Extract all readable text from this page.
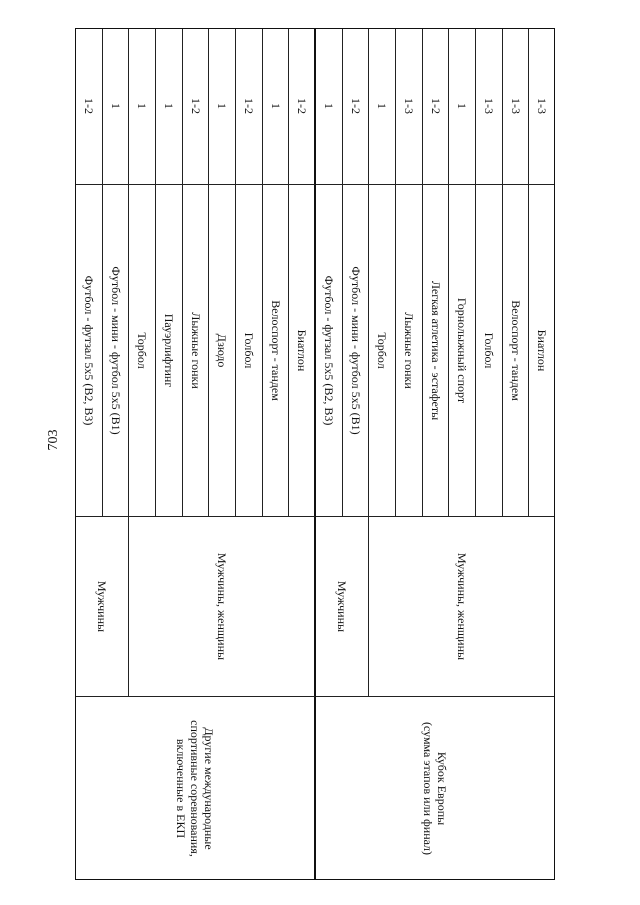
703
1-3
Биатлон
1-3
Велоспорт - тандем
1-3
Голбол
1
Горнолыжный спорт
1-2
Легкая атлетика - эстафеты
1-3
Лыжные гонки
1
Торбол
Мужчины, женщины
1-2
Футбол - мини - футбол 5х5 (В1)
1
Футбол - футзал 5х5 (В2, В3)
Мужчины
Кубок Европы
(сумма этапов или финал)
1-2
Биатлон
1
Велоспорт - тандем
1-2
Голбол
1
Дзюдо
1-2
Лыжные гонки
1
Пауэрлифтинг
1
Торбол
Мужчины, женщины
1
Футбол - мини - футбол 5х5 (В1)
1-2
Футбол - футзал 5х5 (В2, В3)
Мужчины
Другие международные
спортивные соревнования,
включенные в ЕКП
